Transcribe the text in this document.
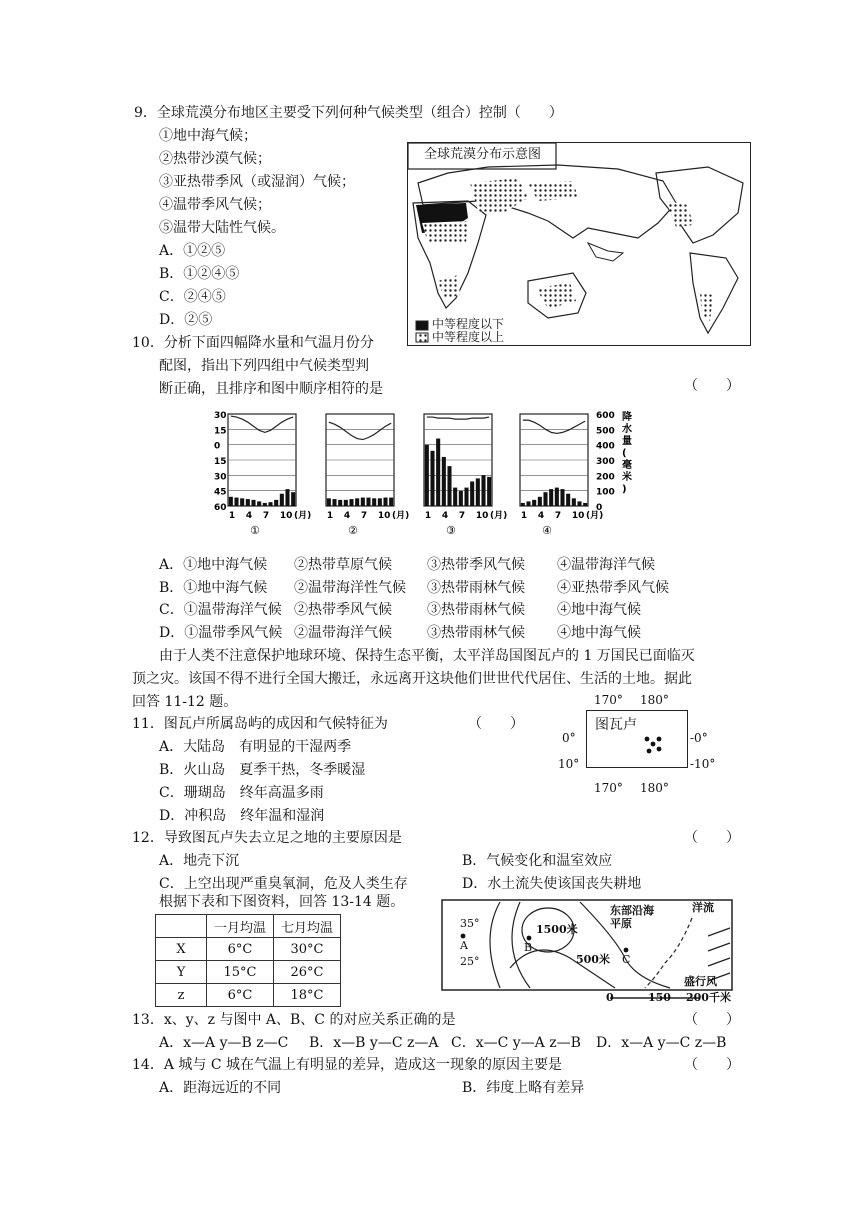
9．全球荒漠分布地区主要受下列何种气候类型（组合）控制（　　）
①地中海气候；
②热带沙漠气候；
③亚热带季风（或湿润）气候；
④温带季风气候；
⑤温带大陆性气候。
A．①②⑤
B．①②④⑤
C．②④⑤
D．②⑤
全球荒漠分布示意图
中等程度以下
中等程度以上
10．分析下面四幅降水量和气温月份分
配图，指出下列四组中气候类型判
断正确，且排序和图中顺序相符的是	（　　）
30
15
0
15
30
45
60
600
500
400
300
200
100
0
降
水
量
(
毫
米
)
1 4 7 10 (月)
①
1 4 7 10 (月)
②
1 4 7 10 (月)
③
1 4 7 10 (月)
④
A．①地中海气候 ②热带草原气候	③热带季风气候 ④温带海洋气候
B．①地中海气候 ②温带海洋性气候 ③热带雨林气候 ④亚热带季风气候
C．①温带海洋气候 ②热带季风气候	③热带雨林气候 ④地中海气候
D．①温带季风气候 ②温带海洋气候	③热带雨林气候 ④地中海气候
由于人类不注意保护地球环境、保持生态平衡，太平洋岛国图瓦卢的 1 万国民已面临灭
顶之灾。该国不得不进行全国大搬迁，永远离开这块他们世世代代居住、生活的土地。据此
回答 11-12 题。	170° 180°
图瓦卢
0°
10°
-0°
-10°
170° 180°
11．图瓦卢所属岛屿的成因和气候特征为	（　　）
A．大陆岛　有明显的干湿两季
B．火山岛　夏季干热，冬季暖湿
C．珊瑚岛　终年高温多雨
D．冲积岛　终年温和湿润
12．导致图瓦卢失去立足之地的主要原因是	（　　）
A．地壳下沉	B．气候变化和温室效应
C．上空出现严重臭氧洞，危及人类生存	D．水土流失使该国丧失耕地
根据下表和下图资料，回答 13-14 题。
	一月均温	七月均温
X	6°C	30°C
Y	15°C	26°C
z	6°C	18°C
35°
A
25°
1500米
B
500米 C
东部沿海平原
洋流
盛行风
0	150 200千米
13．x、y、z 与图中 A、B、C 的对应关系正确的是	（　　）
A．x—A y—B z—C B．x—B y—C z—A C．x—C y—A z—B D．x—A y—C z—B
14．A 城与 C 城在气温上有明显的差异，造成这一现象的原因主要是	（　　）
A．距海远近的不同	B．纬度上略有差异
